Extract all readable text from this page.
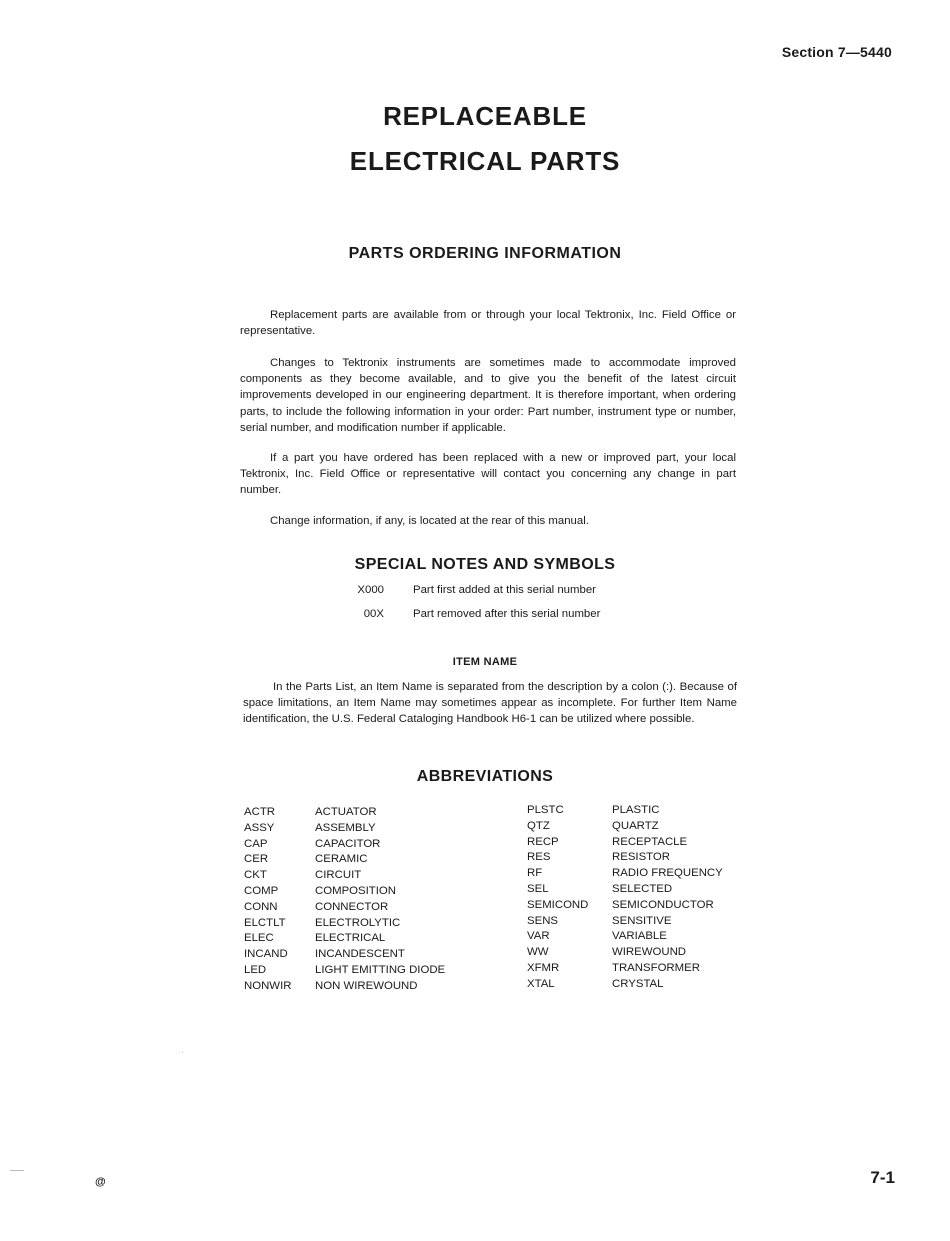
Section 7—5440
REPLACEABLE
ELECTRICAL PARTS
PARTS ORDERING INFORMATION

Replacement parts are available from or through your local Tektronix, Inc. Field Office or representative.

Changes to Tektronix instruments are sometimes made to accommodate improved components as they become available, and to give you the benefit of the latest circuit improvements developed in our engineering department. It is therefore important, when ordering parts, to include the following information in your order: Part number, instrument type or number, serial number, and modification number if applicable.

If a part you have ordered has been replaced with a new or improved part, your local Tektronix, Inc. Field Office or representative will contact you concerning any change in part number.

Change information, if any, is located at the rear of this manual.

SPECIAL NOTES AND SYMBOLS
X000	Part first added at this serial number
00X	Part removed after this serial number
ITEM NAME

In the Parts List, an Item Name is separated from the description by a colon (:). Because of space limitations, an Item Name may sometimes appear as incomplete. For further Item Name identification, the U.S. Federal Cataloging Handbook H6-1 can be utilized where possible.

ABBREVIATIONS
ACTR	ACTUATOR
ASSY	ASSEMBLY
CAP	CAPACITOR
CER	CERAMIC
CKT	CIRCUIT
COMP	COMPOSITION
CONN	CONNECTOR
ELCTLT	ELECTROLYTIC
ELEC	ELECTRICAL
INCAND	INCANDESCENT
LED	LIGHT EMITTING DIODE
NONWIR	NON WIREWOUND
PLSTC	PLASTIC
QTZ	QUARTZ
RECP	RECEPTACLE
RES	RESISTOR
RF	RADIO FREQUENCY
SEL	SELECTED
SEMICOND	SEMICONDUCTOR
SENS	SENSITIVE
VAR	VARIABLE
WW	WIREWOUND
XFMR	TRANSFORMER
XTAL	CRYSTAL
@	7-1
